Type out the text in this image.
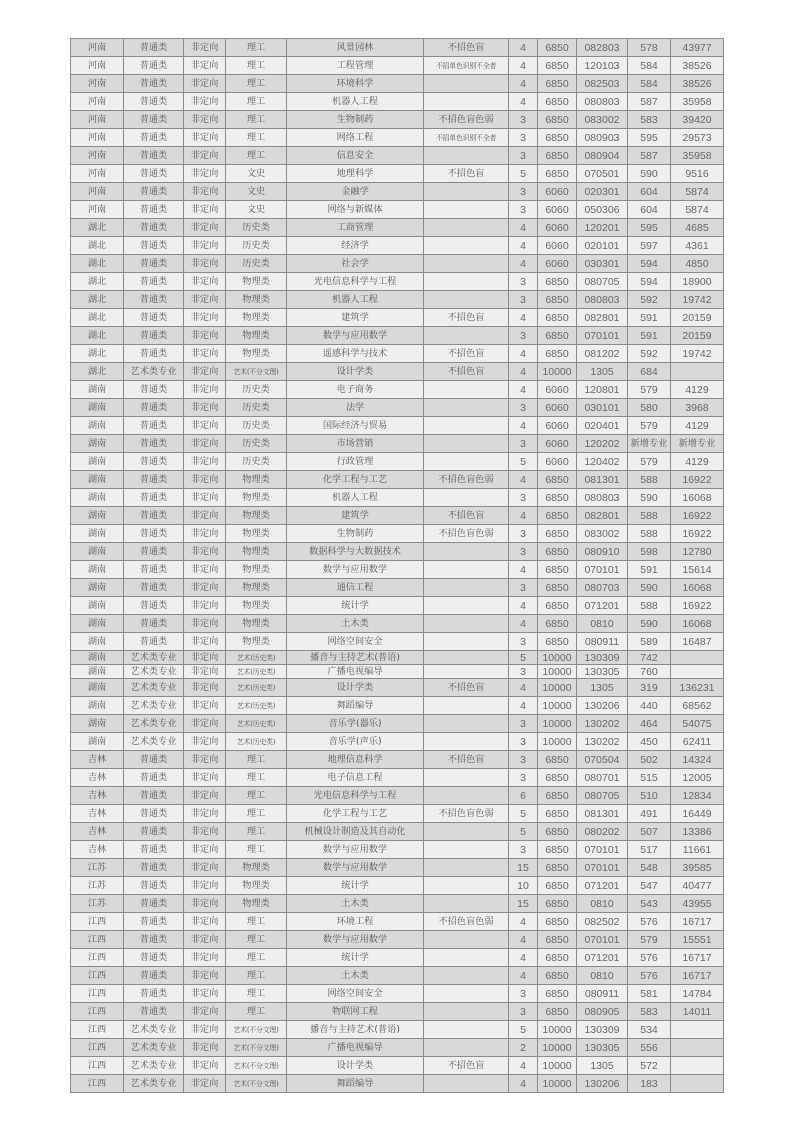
河南	普通类	非定向	理工	风景园林	不招色盲	4	6850	082803	578	43977
河南	普通类	非定向	理工	工程管理	不招单色识别不全者	4	6850	120103	584	38526
河南	普通类	非定向	理工	环境科学		4	6850	082503	584	38526
河南	普通类	非定向	理工	机器人工程		4	6850	080803	587	35958
河南	普通类	非定向	理工	生物制药	不招色盲色弱	3	6850	083002	583	39420
河南	普通类	非定向	理工	网络工程	不招单色识别不全者	3	6850	080903	595	29573
河南	普通类	非定向	理工	信息安全		3	6850	080904	587	35958
河南	普通类	非定向	文史	地理科学	不招色盲	5	6850	070501	590	9516
河南	普通类	非定向	文史	金融学		3	6060	020301	604	5874
河南	普通类	非定向	文史	网络与新媒体		3	6060	050306	604	5874
湖北	普通类	非定向	历史类	工商管理		4	6060	120201	595	4685
湖北	普通类	非定向	历史类	经济学		4	6060	020101	597	4361
湖北	普通类	非定向	历史类	社会学		4	6060	030301	594	4850
湖北	普通类	非定向	物理类	光电信息科学与工程		3	6850	080705	594	18900
湖北	普通类	非定向	物理类	机器人工程		3	6850	080803	592	19742
湖北	普通类	非定向	物理类	建筑学	不招色盲	4	6850	082801	591	20159
湖北	普通类	非定向	物理类	数学与应用数学		3	6850	070101	591	20159
湖北	普通类	非定向	物理类	遥感科学与技术	不招色盲	4	6850	081202	592	19742
湖北	艺术类专业	非定向	艺术(不分文理)	设计学类	不招色盲	4	10000	1305	684	
湖南	普通类	非定向	历史类	电子商务		4	6060	120801	579	4129
湖南	普通类	非定向	历史类	法学		3	6060	030101	580	3968
湖南	普通类	非定向	历史类	国际经济与贸易		4	6060	020401	579	4129
湖南	普通类	非定向	历史类	市场营销		3	6060	120202	新增专业	新增专业
湖南	普通类	非定向	历史类	行政管理		5	6060	120402	579	4129
湖南	普通类	非定向	物理类	化学工程与工艺	不招色盲色弱	4	6850	081301	588	16922
湖南	普通类	非定向	物理类	机器人工程		3	6850	080803	590	16068
湖南	普通类	非定向	物理类	建筑学	不招色盲	4	6850	082801	588	16922
湖南	普通类	非定向	物理类	生物制药	不招色盲色弱	3	6850	083002	588	16922
湖南	普通类	非定向	物理类	数据科学与大数据技术		3	6850	080910	598	12780
湖南	普通类	非定向	物理类	数学与应用数学		4	6850	070101	591	15614
湖南	普通类	非定向	物理类	通信工程		3	6850	080703	590	16068
湖南	普通类	非定向	物理类	统计学		4	6850	071201	588	16922
湖南	普通类	非定向	物理类	土木类		4	6850	0810	590	16068
湖南	普通类	非定向	物理类	网络空间安全		3	6850	080911	589	16487
湖南	艺术类专业	非定向	艺术(历史类)	播音与主持艺术(普语)		5	10000	130309	742	
湖南	艺术类专业	非定向	艺术(历史类)	广播电视编导		3	10000	130305	760	
湖南	艺术类专业	非定向	艺术(历史类)	设计学类	不招色盲	4	10000	1305	319	136231
湖南	艺术类专业	非定向	艺术(历史类)	舞蹈编导		4	10000	130206	440	68562
湖南	艺术类专业	非定向	艺术(历史类)	音乐学(器乐)		3	10000	130202	464	54075
湖南	艺术类专业	非定向	艺术(历史类)	音乐学(声乐)		3	10000	130202	450	62411
吉林	普通类	非定向	理工	地理信息科学	不招色盲	3	6850	070504	502	14324
吉林	普通类	非定向	理工	电子信息工程		3	6850	080701	515	12005
吉林	普通类	非定向	理工	光电信息科学与工程		6	6850	080705	510	12834
吉林	普通类	非定向	理工	化学工程与工艺	不招色盲色弱	5	6850	081301	491	16449
吉林	普通类	非定向	理工	机械设计制造及其自动化		5	6850	080202	507	13386
吉林	普通类	非定向	理工	数学与应用数学		3	6850	070101	517	11661
江苏	普通类	非定向	物理类	数学与应用数学		15	6850	070101	548	39585
江苏	普通类	非定向	物理类	统计学		10	6850	071201	547	40477
江苏	普通类	非定向	物理类	土木类		15	6850	0810	543	43955
江西	普通类	非定向	理工	环境工程	不招色盲色弱	4	6850	082502	576	16717
江西	普通类	非定向	理工	数学与应用数学		4	6850	070101	579	15551
江西	普通类	非定向	理工	统计学		4	6850	071201	576	16717
江西	普通类	非定向	理工	土木类		4	6850	0810	576	16717
江西	普通类	非定向	理工	网络空间安全		3	6850	080911	581	14784
江西	普通类	非定向	理工	物联网工程		3	6850	080905	583	14011
江西	艺术类专业	非定向	艺术(不分文理)	播音与主持艺术(普语)		5	10000	130309	534	
江西	艺术类专业	非定向	艺术(不分文理)	广播电视编导		2	10000	130305	556	
江西	艺术类专业	非定向	艺术(不分文理)	设计学类	不招色盲	4	10000	1305	572	
江西	艺术类专业	非定向	艺术(不分文理)	舞蹈编导		4	10000	130206	183	
